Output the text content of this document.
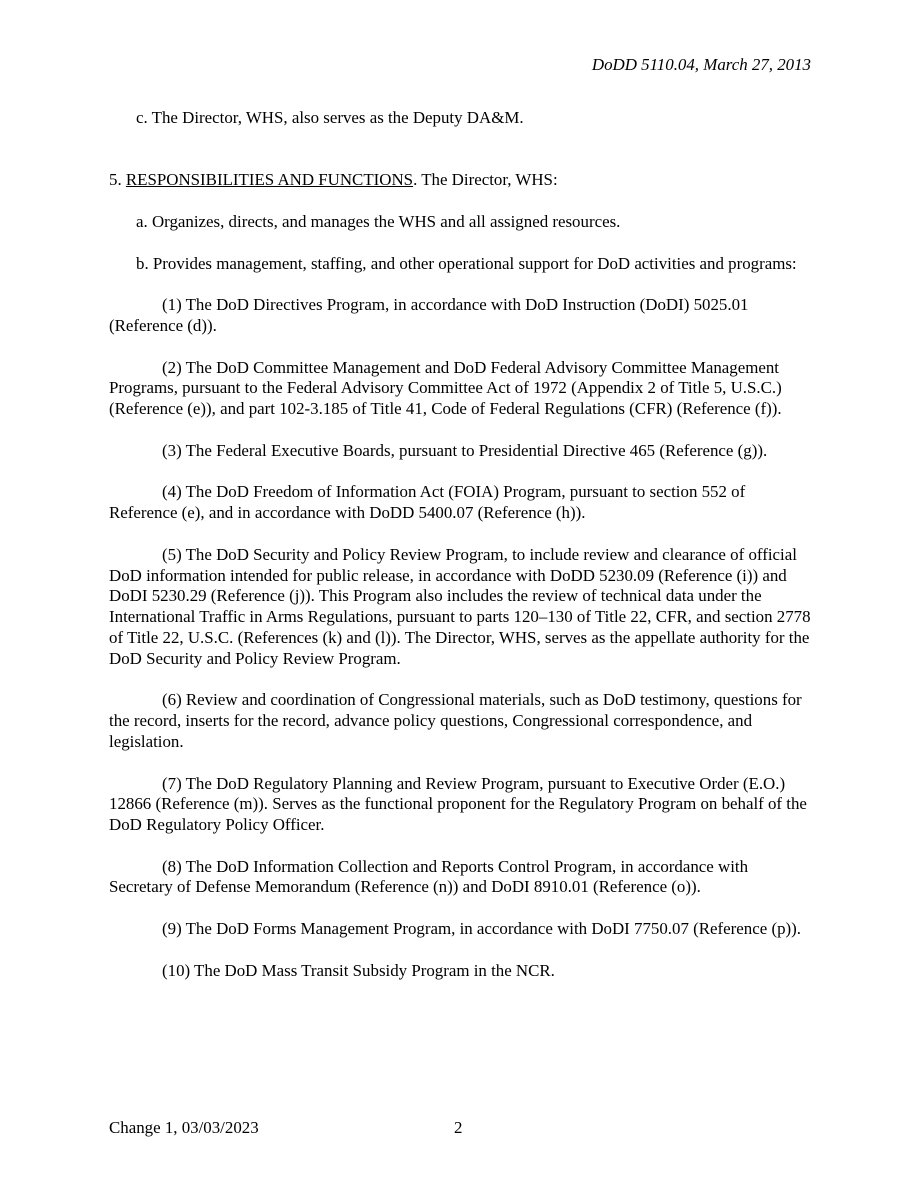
DoDD 5110.04, March 27, 2013

c. The Director, WHS, also serves as the Deputy DA&M.

5. RESPONSIBILITIES AND FUNCTIONS. The Director, WHS:

a. Organizes, directs, and manages the WHS and all assigned resources.

b. Provides management, staffing, and other operational support for DoD activities and programs:

(1) The DoD Directives Program, in accordance with DoD Instruction (DoDI) 5025.01 (Reference (d)).

(2) The DoD Committee Management and DoD Federal Advisory Committee Management Programs, pursuant to the Federal Advisory Committee Act of 1972 (Appendix 2 of Title 5, U.S.C.) (Reference (e)), and part 102-3.185 of Title 41, Code of Federal Regulations (CFR) (Reference (f)).

(3) The Federal Executive Boards, pursuant to Presidential Directive 465 (Reference (g)).

(4) The DoD Freedom of Information Act (FOIA) Program, pursuant to section 552 of Reference (e), and in accordance with DoDD 5400.07 (Reference (h)).

(5) The DoD Security and Policy Review Program, to include review and clearance of official DoD information intended for public release, in accordance with DoDD 5230.09 (Reference (i)) and DoDI 5230.29 (Reference (j)). This Program also includes the review of technical data under the International Traffic in Arms Regulations, pursuant to parts 120–130 of Title 22, CFR, and section 2778 of Title 22, U.S.C. (References (k) and (l)). The Director, WHS, serves as the appellate authority for the DoD Security and Policy Review Program.

(6) Review and coordination of Congressional materials, such as DoD testimony, questions for the record, inserts for the record, advance policy questions, Congressional correspondence, and legislation.

(7) The DoD Regulatory Planning and Review Program, pursuant to Executive Order (E.O.) 12866 (Reference (m)). Serves as the functional proponent for the Regulatory Program on behalf of the DoD Regulatory Policy Officer.

(8) The DoD Information Collection and Reports Control Program, in accordance with Secretary of Defense Memorandum (Reference (n)) and DoDI 8910.01 (Reference (o)).

(9) The DoD Forms Management Program, in accordance with DoDI 7750.07 (Reference (p)).

(10) The DoD Mass Transit Subsidy Program in the NCR.

Change 1, 03/03/2023	2
